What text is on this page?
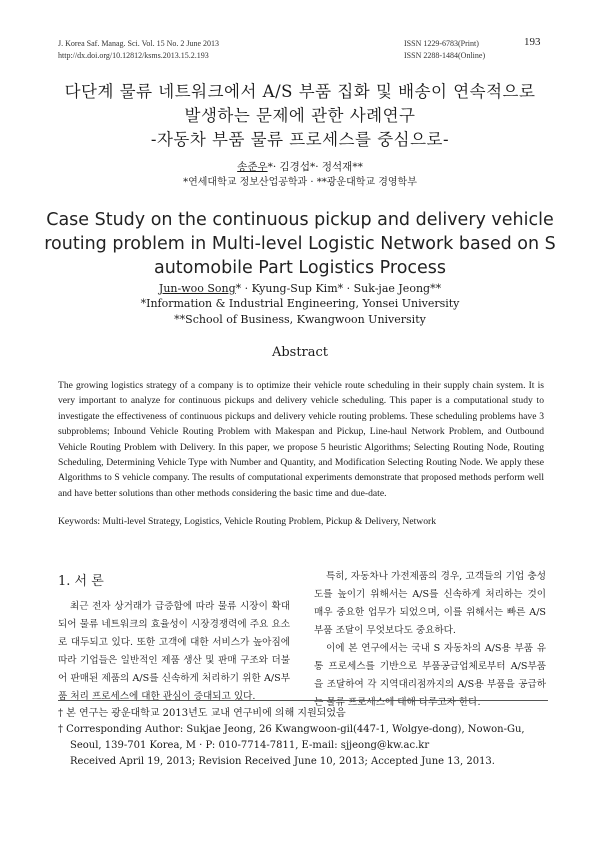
J. Korea Saf. Manag. Sci. Vol. 15 No. 2 June 2013
http://dx.doi.org/10.12812/ksms.2013.15.2.193
ISSN 1229-6783(Print)
ISSN 2288-1484(Online)
193
다단계 물류 네트워크에서 A/S 부품 집화 및 배송이 연속적으로
발생하는 문제에 관한 사례연구
-자동차 부품 물류 프로세스를 중심으로-
송준우*· 김경섭*· 정석재**
*연세대학교 정보산업공학과 · **광운대학교 경영학부
Case Study on the continuous pickup and delivery vehicle
routing problem in Multi-level Logistic Network based on S
automobile Part Logistics Process
Jun-woo Song* · Kyung-Sup Kim* · Suk-jae Jeong**
*Information & Industrial Engineering, Yonsei University
**School of Business, Kwangwoon University
Abstract
The growing logistics strategy of a company is to optimize their vehicle route scheduling in their supply chain system. It is very important to analyze for continuous pickups and delivery vehicle scheduling. This paper is a computational study to investigate the effectiveness of continuous pickups and delivery vehicle routing problems. These scheduling problems have 3 subproblems; Inbound Vehicle Routing Problem with Makespan and Pickup, Line-haul Network Problem, and Outbound Vehicle Routing Problem with Delivery. In this paper, we propose 5 heuristic Algorithms; Selecting Routing Node, Routing Scheduling, Determining Vehicle Type with Number and Quantity, and Modification Selecting Routing Node. We apply these Algorithms to S vehicle company. The results of computational experiments demonstrate that proposed methods perform well and have better solutions than other methods considering the basic time and due-date.
Keywords: Multi-level Strategy, Logistics, Vehicle Routing Problem, Pickup & Delivery, Network
1. 서 론

최근 전자 상거래가 급증함에 따라 물류 시장이 확대되어 물류 네트워크의 효율성이 시장경쟁력에 주요 요소로 대두되고 있다. 또한 고객에 대한 서비스가 높아짐에 따라 기업들은 일반적인 제품 생산 및 판매 구조와 더불어 판매된 제품의 A/S를 신속하게 처리하기 위한 A/S부품 처리 프로세스에 대한 관심이 증대되고 있다.

특히, 자동차나 가전제품의 경우, 고객들의 기업 충성도를 높이기 위해서는 A/S를 신속하게 처리하는 것이 매우 중요한 업무가 되었으며, 이를 위해서는 빠른 A/S부품 조달이 무엇보다도 중요하다.

이에 본 연구에서는 국내 S 자동차의 A/S용 부품 유통 프로세스를 기반으로 부품공급업체로부터 A/S부품을 조달하여 각 지역대리점까지의 A/S용 부품을 공급하는 물류 프로세스에 대해 다루고자 한다.

† 본 연구는 광운대학교 2013년도 교내 연구비에 의해 지원되었음
† Corresponding Author: Sukjae Jeong, 26 Kwangwoon-gil(447-1, Wolgye-dong), Nowon-Gu,
Seoul, 139-701 Korea, M · P: 010-7714-7811, E-mail: sjjeong@kw.ac.kr
Received April 19, 2013; Revision Received June 10, 2013; Accepted June 13, 2013.
